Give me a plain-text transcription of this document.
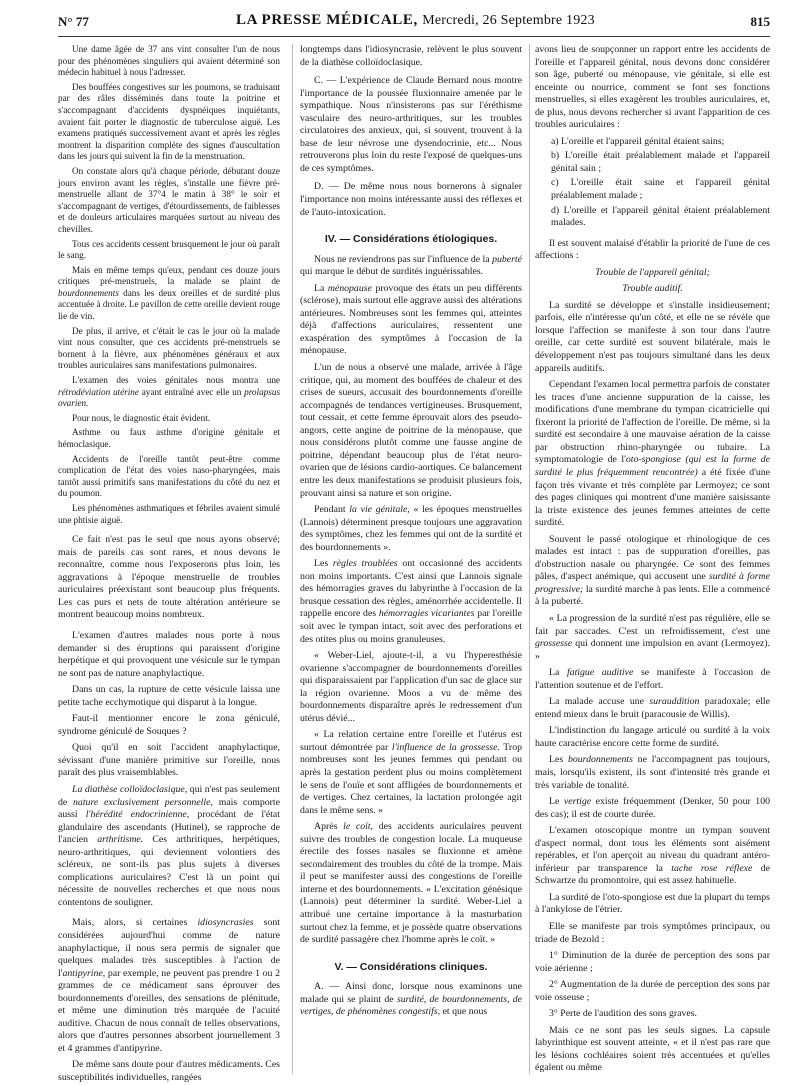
N° 77	LA PRESSE MÉDICALE, Mercredi, 26 Septembre 1923	815

Une dame âgée de 37 ans vint consulter l'un de nous pour des phénomènes singuliers qui avaient déterminé son médecin habituel à nous l'adresser.

Des bouffées congestives sur les poumons, se traduisant par des râles disséminés dans toute la poitrine et s'accompagnant d'accidents dyspnéiques inquiétants, avaient fait porter le diagnostic de tuberculose aiguë. Les examens pratiqués successivement avant et après les règles montrent la disparition complète des signes d'auscultation dans les jours qui suivent la fin de la menstruation.

On constate alors qu'à chaque période, débutant douze jours environ avant les règles, s'installe une fièvre pré-menstruelle allant de 37°4 le matin à 38° le soir et s'accompagnant de vertiges, d'étourdissements, de faiblesses et de douleurs articulaires marquées surtout au niveau des chevilles.

Tous ces accidents cessent brusquement le jour où paraît le sang.

Mais en même temps qu'eux, pendant ces douze jours critiques pré-menstruels, la malade se plaint de bourdonnements dans les deux oreilles et de surdité plus accentuée à droite. Le pavillon de cette oreille devient rouge lie de vin.

De plus, il arrive, et c'était le cas le jour où la malade vint nous consulter, que ces accidents pré-menstruels se bornent à la fièvre, aux phénomènes généraux et aux troubles auriculaires sans manifestations pulmonaires.

L'examen des voies génitales nous montra une rétrodéviation utérine ayant entraîné avec elle un prolapsus ovarien.

Pour nous, le diagnostic était évident.

Asthme ou faux asthme d'origine génitale et hémoclasique.

Accidents de l'oreille tantôt peut-être comme complication de l'état des voies naso-pharyngées, mais tantôt aussi primitifs sans manifestations du côté du nez et du poumon.

Les phénomènes asthmatiques et fébriles avaient simulé une phtisie aiguë.

Ce fait n'est pas le seul que nous ayons observé; mais de pareils cas sont rares, et nous devons le reconnaître, comme nous l'exposerons plus loin, les aggravations à l'époque menstruelle de troubles auriculaires préexistant sont beaucoup plus fréquents. Les cas purs et nets de toute altération antérieure se montrent beaucoup moins nombreux.

L'examen d'autres malades nous porte à nous demander si des éruptions qui paraissent d'origine herpétique et qui provoquent une vésicule sur le tympan ne sont pas de nature anaphylactique.

Dans un cas, la rupture de cette vésicule laissa une petite tache ecchymotique qui disparut à la longue.

Faut-il mentionner encore le zona géniculé, syndrome géniculé de Souques ?

Quoi qu'il en soit l'accident anaphylactique, sévissant d'une manière primitive sur l'oreille, nous paraît des plus vraisemblables.

La diathèse colloïdoclasique, qui n'est pas seulement de nature exclusivement personnelle, mais comporte aussi l'hérédité endocrinienne, procédant de l'état glandulaire des ascendants (Hutinel), se rapproche de l'ancien arthritisme. Ces arthritiques, herpétiques, neuro-arthritiques, qui deviennent volontiers des scléreux, ne sont-ils pas plus sujets à diverses complications auriculaires? C'est là un point qui nécessite de nouvelles recherches et que nous nous contentons de souligner.

Mais, alors, si certaines idiosyncrasies sont considérées aujourd'hui comme de nature anaphylactique, il nous sera permis de signaler que quelques malades très susceptibles à l'action de l'antipyrine, par exemple, ne peuvent pas prendre 1 ou 2 grammes de ce médicament sans éprouver des bourdonnements d'oreilles, des sensations de plénitude, et même une diminution très marquée de l'acuité auditive. Chacun de nous connaît de telles observations, alors que d'autres personnes absorbent journellement 3 et 4 grammes d'antipyrine.

De même sans doute pour d'autres médicaments. Ces susceptibilités individuelles, rangées

longtemps dans l'idiosyncrasie, relèvent le plus souvent de la diathèse colloïdoclasique.

C. — L'expérience de Claude Bernard nous montre l'importance de la poussée fluxionnaire amenée par le sympathique. Nous n'insisterons pas sur l'éréthisme vasculaire des neuro-arthritiques, sur les troubles circulatoires des anxieux, qui, si souvent, trouvent à la base de leur névrose une dysendocrinie, etc... Nous retrouverons plus loin du reste l'exposé de quelques-uns de ces symptômes.

D. — De même nous nous bornerons à signaler l'importance non moins intéressante aussi des réflexes et de l'auto-intoxication.

IV. — Considérations étiologiques.

Nous ne reviendrons pas sur l'influence de la puberté qui marque le début de surdités inguérissables.

La ménopause provoque des états un peu différents (sclérose), mais surtout elle aggrave aussi des altérations antérieures. Nombreuses sont les femmes qui, atteintes déjà d'affections auriculaires, ressentent une exaspération des symptômes à l'occasion de la ménopause.

L'un de nous a observé une malade, arrivée à l'âge critique, qui, au moment des bouffées de chaleur et des crises de sueurs, accusait des bourdonnements d'oreille accompagnés de tendances vertigineuses. Brusquement, tout cessait, et cette femme éprouvait alors des pseudo-angors, cette angine de poitrine de la ménopause, que nous considérons plutôt comme une fausse angine de poitrine, dépendant beaucoup plus de l'état neuro-ovarien que de lésions cardio-aortiques. Ce balancement entre les deux manifestations se produisit plusieurs fois, prouvant ainsi sa nature et son origine.

Pendant la vie génitale, « les époques menstruelles (Lannois) déterminent presque toujours une aggravation des symptômes, chez les femmes qui ont de la surdité et des bourdonnements ».

Les règles troublées ont occasionné des accidents non moins importants. C'est ainsi que Lannois signale des hémorragies graves du labyrinthe à l'occasion de la brusque cessation des règles, aménorrhée accidentelle. Il rappelle encore des hémorragies vicariantes par l'oreille soit avec le tympan intact, soit avec des perforations et des otites plus ou moins granuleuses.

« Weber-Liel, ajoute-t-il, a vu l'hyperesthésie ovarienne s'accompagner de bourdonnements d'oreilles qui disparaissaient par l'application d'un sac de glace sur la région ovarienne. Moos a vu de même des bourdonnements disparaître après le redressement d'un utérus dévié...

« La relation certaine entre l'oreille et l'utérus est surtout démontrée par l'influence de la grossesse. Trop nombreuses sont les jeunes femmes qui pendant ou après la gestation perdent plus ou moins complètement le sens de l'ouïe et sont affligées de bourdonnements et de vertiges. Chez certaines, la lactation prolongée agit dans le même sens. »

Après le coït, des accidents auriculaires peuvent suivre des troubles de congestion locale. La muqueuse érectile des fosses nasales se fluxionne et amène secondairement des troubles du côté de la trompe. Mais il peut se manifester aussi des congestions de l'oreille interne et des bourdonnements. « L'excitation génésique (Lannois) peut déterminer la surdité. Weber-Liel a attribué une certaine importance à la masturbation surtout chez la femme, et je possède quatre observations de surdité passagère chez l'homme après le coït. »

V. — Considérations cliniques.

A. — Ainsi donc, lorsque nous examinons une malade qui se plaint de surdité, de bourdonnements, de vertiges, de phénomènes congestifs, et que nous

avons lieu de soupçonner un rapport entre les accidents de l'oreille et l'appareil génital, nous devons donc considérer son âge, puberté ou ménopause, vie génitale, si elle est enceinte ou nourrice, comment se font ses fonctions menstruelles, si elles exagèrent les troubles auriculaires, et, de plus, nous devons rechercher si avant l'apparition de ces troubles auriculaires :

a) L'oreille et l'appareil génital étaient sains;

b) L'oreille était préalablement malade et l'appareil génital sain ;

c) L'oreille était saine et l'appareil génital préalablement malade ;

d) L'oreille et l'appareil génital étaient préalablement malades.

Il est souvent malaisé d'établir la priorité de l'une de ces affections :

Trouble de l'appareil génital;

Trouble auditif.

La surdité se développe et s'installe insidieusement; parfois, elle n'intéresse qu'un côté, et elle ne se révèle que lorsque l'affection se manifeste à son tour dans l'autre oreille, car cette surdité est souvent bilatérale, mais le développement n'est pas toujours simultané dans les deux appareils auditifs.

Cependant l'examen local permettra parfois de constater les traces d'une ancienne suppuration de la caisse, les modifications d'une membrane du tympan cicatricielle qui fixeront la priorité de l'affection de l'oreille. De même, si la surdité est secondaire à une mauvaise aération de la caisse par obstruction rhino-pharyngée ou tubaire. La symptomatologie de l'oto-spongiose (qui est la forme de surdité le plus fréquemment rencontrée) a été fixée d'une façon très vivante et très complète par Lermoyez; ce sont des pages cliniques qui montrent d'une manière saisissante la triste existence des jeunes femmes atteintes de cette surdité.

Souvent le passé otologique et rhinologique de ces malades est intact : pas de suppuration d'oreilles, pas d'obstruction nasale ou pharyngée. Ce sont des femmes pâles, d'aspect anémique, qui accusent une surdité à forme progressive; la surdité marche à pas lents. Elle a commencé à la puberté.

« La progression de la surdité n'est pas régulière, elle se fait par saccades. C'est un refroidissement, c'est une grossesse qui donnent une impulsion en avant (Lermoyez). »

La fatigue auditive se manifeste à l'occasion de l'attention soutenue et de l'effort.

La malade accuse une surauddition paradoxale; elle entend mieux dans le bruit (paracousie de Willis).

L'indistinction du langage articulé ou surdité à la voix haute caractérise encore cette forme de surdité.

Les bourdonnements ne l'accompagnent pas toujours, mais, lorsqu'ils existent, ils sont d'intensité très grande et très variable de tonalité.

Le vertige existe fréquemment (Denker, 50 pour 100 des cas); il est de courte durée.

L'examen otoscopique montre un tympan souvent d'aspect normal, dont tous les éléments sont aisément repérables, et l'on aperçoit au niveau du quadrant antéro-inférieur par transparence la tache rose réflexe de Schwartze du promontoire, qui est assez habituelle.

La surdité de l'oto-spongiose est due la plupart du temps à l'ankylose de l'étrier.

Elle se manifeste par trois symptômes principaux, ou triade de Bezold :

1° Diminution de la durée de perception des sons par voie aérienne ;

2° Augmentation de la durée de perception des sons par voie osseuse ;

3° Perte de l'audition des sons graves.

Mais ce ne sont pas les seuls signes. La capsule labyrinthique est souvent atteinte, « et il n'est pas rare que les lésions cochléaires soient très accentuées et qu'elles égalent ou même
